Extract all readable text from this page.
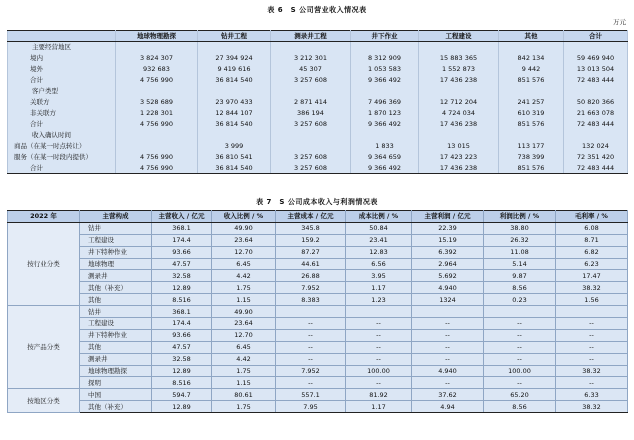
表 6　S 公司营业收入情况表
万元
	地球物理勘探	钻井工程	测录井工程	井下作业	工程建设	其他	合计
主要经营地区							
境内	3 824 307	27 394 924	3 212 301	8 312 909	15 883 365	842 134	59 469 940
境外	932 683	9 419 616	45 307	1 053 583	1 552 873	9 442	13 013 504
合计	4 756 990	36 814 540	3 257 608	9 366 492	17 436 238	851 576	72 483 444
客户类型							
关联方	3 528 689	23 970 433	2 871 414	7 496 369	12 712 204	241 257	50 820 366
非关联方	1 228 301	12 844 107	386 194	1 870 123	4 724 034	610 319	21 663 078
合计	4 756 990	36 814 540	3 257 608	9 366 492	17 436 238	851 576	72 483 444
收入确认时间							
商品（在某一时点转让）		3 999		1 833	13 015	113 177	132 024
服务（在某一时段内提供）	4 756 990	36 810 541	3 257 608	9 364 659	17 423 223	738 399	72 351 420
合计	4 756 990	36 814 540	3 257 608	9 366 492	17 436 238	851 576	72 483 444
表 7　S 公司成本收入与利润情况表
2022 年	主营构成	主营收入 / 亿元	收入比例 / %	主营成本 / 亿元	成本比例 / %	主营利润 / 亿元	利润比例 / %	毛利率 / %
按行业分类	钻井	368.1	49.90	345.8	50.84	22.39	38.80	6.08
	工程建设	174.4	23.64	159.2	23.41	15.19	26.32	8.71
	井下特种作业	93.66	12.70	87.27	12.83	6.392	11.08	6.82
	地球物理	47.57	6.45	44.61	6.56	2.964	5.14	6.23
	测录井	32.58	4.42	26.88	3.95	5.692	9.87	17.47
	其他（补充）	12.89	1.75	7.952	1.17	4.940	8.56	38.32
	其他	8.516	1.15	8.383	1.23	1324	0.23	1.56
按产品分类	钻井	368.1	49.90					
	工程建设	174.4	23.64	--	--	--	--	--
	井下特种作业	93.66	12.70	--	--	--	--	--
	其他	47.57	6.45	--	--	--	--	--
	测录井	32.58	4.42	--	--	--	--	--
	地球物理勘探	12.89	1.75	7.952	100.00	4.940	100.00	38.32
	探明	8.516	1.15	--	--	--	--	--
按地区分类	中国	594.7	80.61	557.1	81.92	37.62	65.20	6.33
	其他（补充）	12.89	1.75	7.95	1.17	4.94	8.56	38.32
